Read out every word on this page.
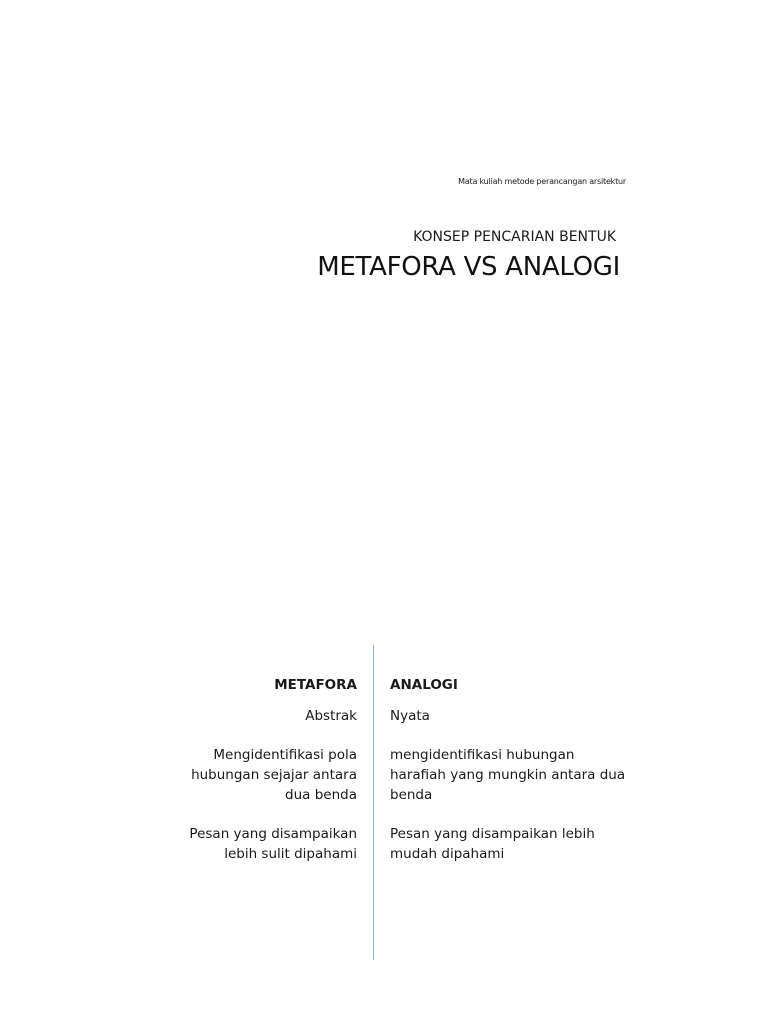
Mata kuliah metode perancangan arsitektur
KONSEP PENCARIAN BENTUK
METAFORA VS ANALOGI
METAFORA
Abstrak
Mengidentifikasi pola hubungan sejajar antara dua benda
Pesan yang disampaikan lebih sulit dipahami
ANALOGI
Nyata
mengidentifikasi hubungan harafiah yang mungkin antara dua benda
Pesan yang disampaikan lebih mudah dipahami
